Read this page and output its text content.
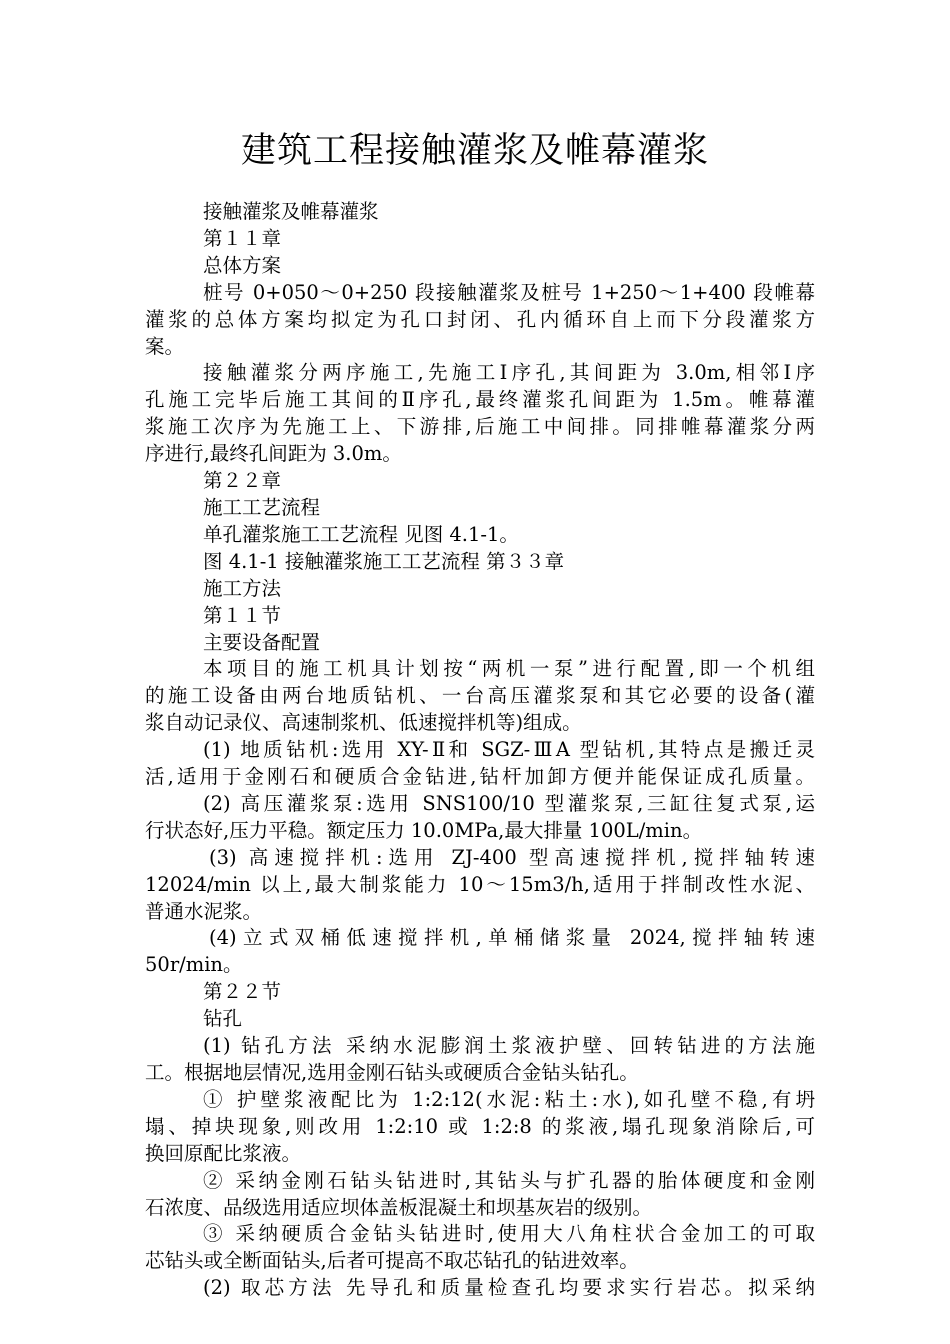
建筑工程接触灌浆及帷幕灌浆
接触灌浆及帷幕灌浆
第１１章
总体方案
桩号 0+050～0+250 段接触灌浆及桩号 1+250～1+400 段帷幕
灌浆的总体方案均拟定为孔口封闭、孔内循环自上而下分段灌浆方
案。
接触灌浆分两序施工,先施工Ⅰ序孔,其间距为 3.0m,相邻Ⅰ序
孔施工完毕后施工其间的Ⅱ序孔,最终灌浆孔间距为 1.5m。帷幕灌
浆施工次序为先施工上、下游排,后施工中间排。同排帷幕灌浆分两
序进行,最终孔间距为 3.0m。
第２２章
施工工艺流程
单孔灌浆施工工艺流程 见图 4.1-1。
图 4.1-1 接触灌浆施工工艺流程 第３３章
施工方法
第１１节
主要设备配置
本项目的施工机具计划按“两机一泵”进行配置,即一个机组
的施工设备由两台地质钻机、一台高压灌浆泵和其它必要的设备(灌
浆自动记录仪、高速制浆机、低速搅拌机等)组成。
(1) 地质钻机:选用 XY-Ⅱ和 SGZ-ⅢA 型钻机,其特点是搬迁灵
活,适用于金刚石和硬质合金钻进,钻杆加卸方便并能保证成孔质量。
(2) 高压灌浆泵:选用 SNS100/10 型灌浆泵,三缸往复式泵,运
行状态好,压力平稳。额定压力 10.0MPa,最大排量 100L/min。
(3) 高速搅拌机:选用 ZJ-400 型高速搅拌机,搅拌轴转速
12024/min 以上,最大制浆能力 10～15m3/h,适用于拌制改性水泥、
普通水泥浆。
(4)立式双桶低速搅拌机,单桶储浆量 2024,搅拌轴转速
50r/min。
第２２节
钻孔
(1) 钻孔方法 采纳水泥膨润土浆液护壁、回转钻进的方法施
工。根据地层情况,选用金刚石钻头或硬质合金钻头钻孔。
① 护壁浆液配比为 1:2:12(水泥:粘土:水),如孔壁不稳,有坍
塌、掉块现象,则改用 1:2:10 或 1:2:8 的浆液,塌孔现象消除后,可
换回原配比浆液。
② 采纳金刚石钻头钻进时,其钻头与扩孔器的胎体硬度和金刚
石浓度、品级选用适应坝体盖板混凝土和坝基灰岩的级别。
③ 采纳硬质合金钻头钻进时,使用大八角柱状合金加工的可取
芯钻头或全断面钻头,后者可提高不取芯钻孔的钻进效率。
(2) 取芯方法 先导孔和质量检查孔均要求实行岩芯。拟采纳
